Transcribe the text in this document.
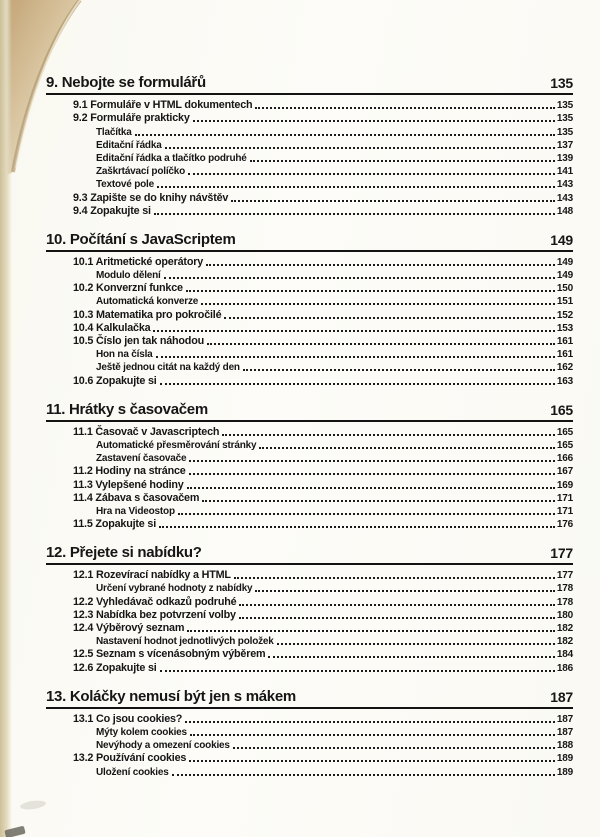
9. Nebojte se formulářů	135
9.1 Formuláře v HTML dokumentech	135
9.2 Formuláře prakticky	135
Tlačítka	135
Editační řádka	137
Editační řádka a tlačítko podruhé	139
Zaškrtávací políčko	141
Textové pole	143
9.3 Zapište se do knihy návštěv	143
9.4 Zopakujte si	148
10. Počítání s JavaScriptem	149
10.1 Aritmetické operátory	149
Modulo dělení	149
10.2 Konverzní funkce	150
Automatická konverze	151
10.3 Matematika pro pokročilé	152
10.4 Kalkulačka	153
10.5 Číslo jen tak náhodou	161
Hon na čísla	161
Ještě jednou citát na každý den	162
10.6 Zopakujte si	163
11. Hrátky s časovačem	165
11.1 Časovač v Javascriptech	165
Automatické přesměrování stránky	165
Zastavení časovače	166
11.2 Hodiny na stránce	167
11.3 Vylepšené hodiny	169
11.4 Zábava s časovačem	171
Hra na Videostop	171
11.5 Zopakujte si	176
12. Přejete si nabídku?	177
12.1 Rozevírací nabídky a HTML	177
Určení vybrané hodnoty z nabídky	178
12.2 Vyhledávač odkazů podruhé	178
12.3 Nabídka bez potvrzení volby	180
12.4 Výběrový seznam	182
Nastavení hodnot jednotlivých položek	182
12.5 Seznam s vícenásobným výběrem	184
12.6 Zopakujte si	186
13. Koláčky nemusí být jen s mákem	187
13.1 Co jsou cookies?	187
Mýty kolem cookies	187
Nevýhody a omezení cookies	188
13.2 Používání cookies	189
Uložení cookies	189
